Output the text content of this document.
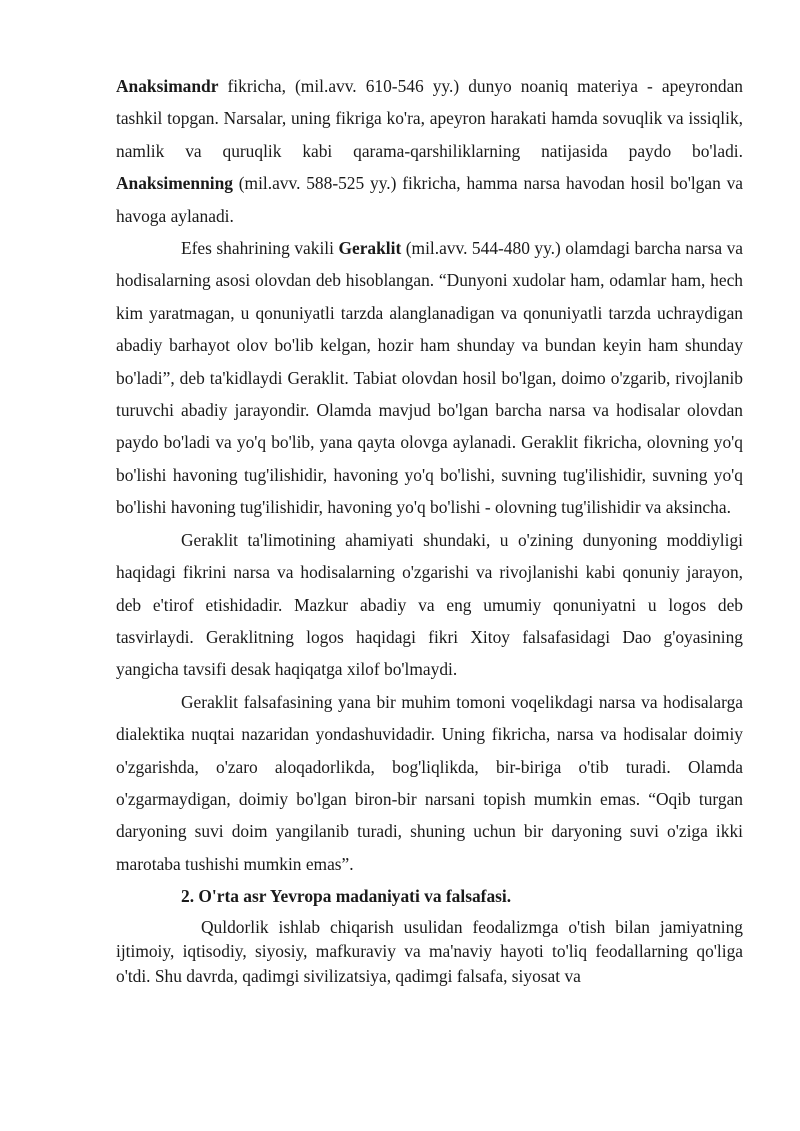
Anaksimandr fikricha, (mil.avv. 610-546 yy.) dunyo noaniq materiya - apeyrondan tashkil topgan. Narsalar, uning fikriga ko'ra, apeyron harakati hamda sovuqlik va issiqlik, namlik va quruqlik kabi qarama-qarshiliklarning natijasida paydo bo'ladi. Anaksimenning (mil.avv. 588-525 yy.) fikricha, hamma narsa havodan hosil bo'lgan va havoga aylanadi.

Efes shahrining vakili Geraklit (mil.avv. 544-480 yy.) olamdagi barcha narsa va hodisalarning asosi olovdan deb hisoblangan. “Dunyoni xudolar ham, odamlar ham, hech kim yaratmagan, u qonuniyatli tarzda alanglanadigan va qonuniyatli tarzda uchraydigan abadiy barhayot olov bo'lib kelgan, hozir ham shunday va bundan keyin ham shunday bo'ladi”, deb ta'kidlaydi Geraklit. Tabiat olovdan hosil bo'lgan, doimo o'zgarib, rivojlanib turuvchi abadiy jarayondir. Olamda mavjud bo'lgan barcha narsa va hodisalar olovdan paydo bo'ladi va yo'q bo'lib, yana qayta olovga aylanadi. Geraklit fikricha, olovning yo'q bo'lishi havoning tug'ilishidir, havoning yo'q bo'lishi, suvning tug'ilishidir, suvning yo'q bo'lishi havoning tug'ilishidir, havoning yo'q bo'lishi - olovning tug'ilishidir va aksincha.

Geraklit ta'limotining ahamiyati shundaki, u o'zining dunyoning moddiyligi haqidagi fikrini narsa va hodisalarning o'zgarishi va rivojlanishi kabi qonuniy jarayon, deb e'tirof etishidadir. Mazkur abadiy va eng umumiy qonuniyatni u logos deb tasvirlaydi. Geraklitning logos haqidagi fikri Xitoy falsafasidagi Dao g'oyasining yangicha tavsifi desak haqiqatga xilof bo'lmaydi.

Geraklit falsafasining yana bir muhim tomoni voqelikdagi narsa va hodisalarga dialektika nuqtai nazaridan yondashuvidadir. Uning fikricha, narsa va hodisalar doimiy o'zgarishda, o'zaro aloqadorlikda, bog'liqlikda, bir-biriga o'tib turadi. Olamda o'zgarmaydigan, doimiy bo'lgan biron-bir narsani topish mumkin emas. “Oqib turgan daryoning suvi doim yangilanib turadi, shuning uchun bir daryoning suvi o'ziga ikki marotaba tushishi mumkin emas”.

2. O'rta asr Yevropa madaniyati va falsafasi.

Quldorlik ishlab chiqarish usulidan feodalizmga o'tish bilan jamiyatning ijtimoiy, iqtisodiy, siyosiy, mafkuraviy va ma'naviy hayoti to'liq feodallarning qo'liga o'tdi. Shu davrda, qadimgi sivilizatsiya, qadimgi falsafa, siyosat va
